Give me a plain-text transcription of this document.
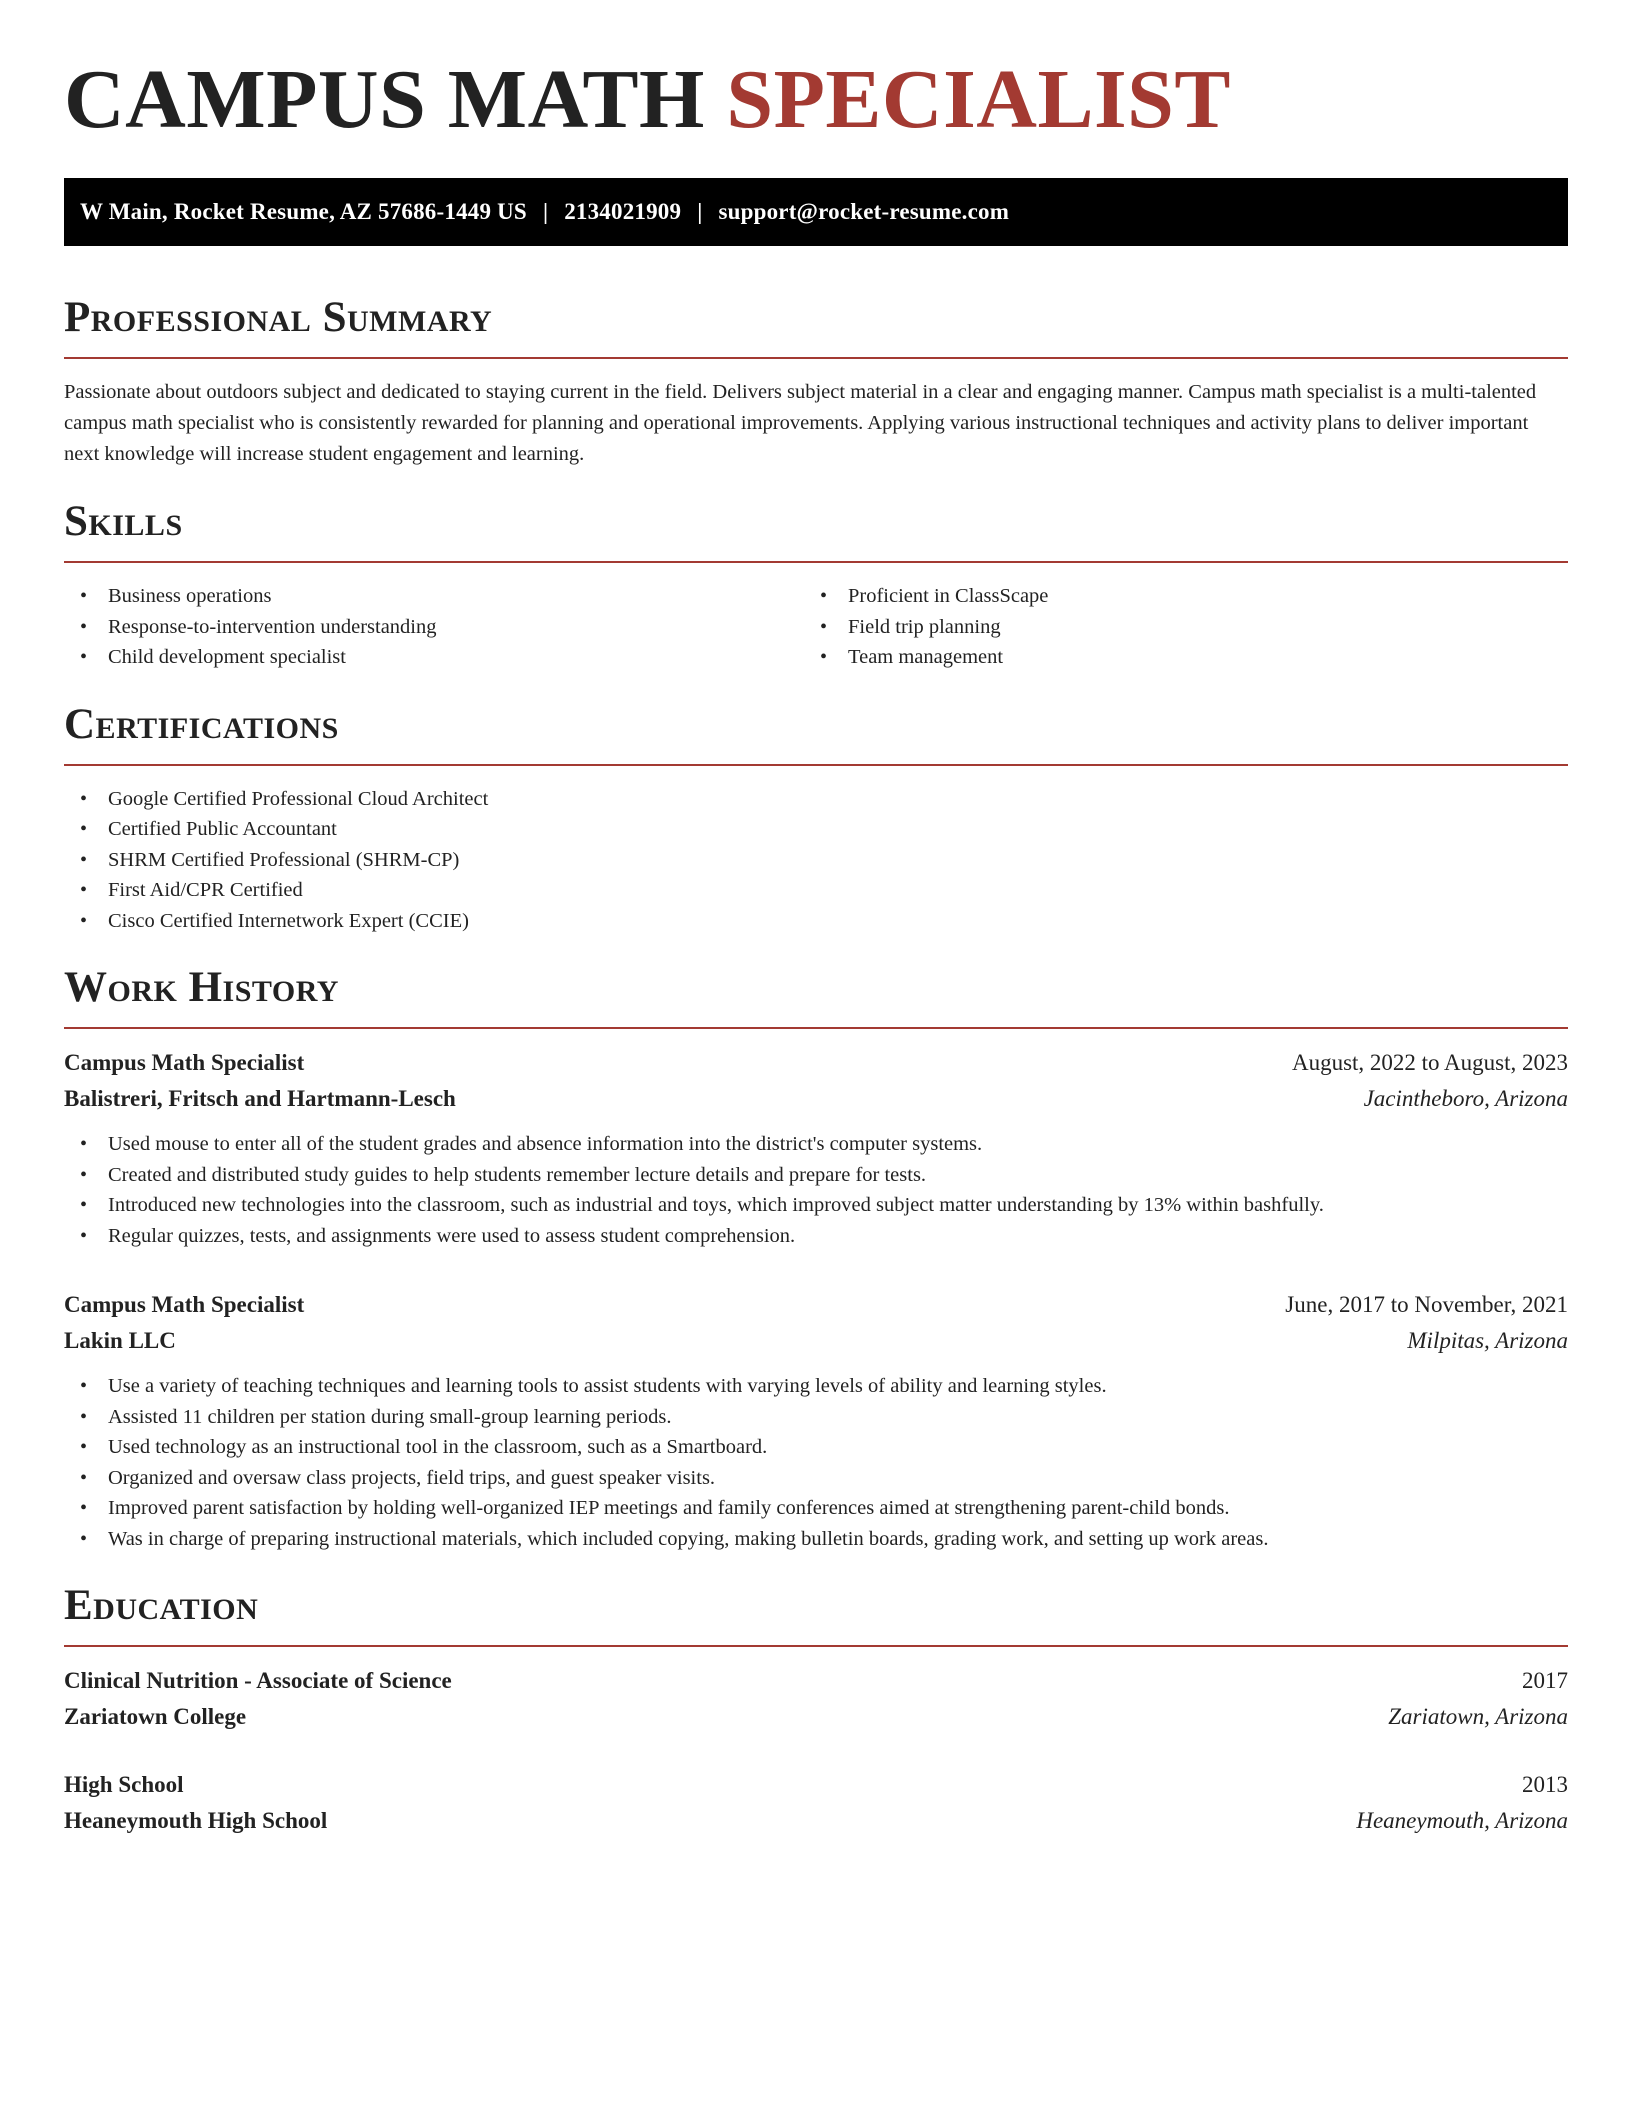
CAMPUS MATH SPECIALIST
W Main, Rocket Resume, AZ 57686-1449 US | 2134021909 | support@rocket-resume.com
Professional Summary

Passionate about outdoors subject and dedicated to staying current in the field. Delivers subject material in a clear and engaging manner. Campus math specialist is a multi-talented campus math specialist who is consistently rewarded for planning and operational improvements. Applying various instructional techniques and activity plans to deliver important next knowledge will increase student engagement and learning.

Skills
• Business operations
• Response-to-intervention understanding
• Child development specialist
• Proficient in ClassScape
• Field trip planning
• Team management
Certifications
• Google Certified Professional Cloud Architect
• Certified Public Accountant
• SHRM Certified Professional (SHRM-CP)
• First Aid/CPR Certified
• Cisco Certified Internetwork Expert (CCIE)
Work History
Campus Math Specialist	August, 2022 to August, 2023
Balistreri, Fritsch and Hartmann-Lesch	Jacintheboro, Arizona
• Used mouse to enter all of the student grades and absence information into the district's computer systems.
• Created and distributed study guides to help students remember lecture details and prepare for tests.
• Introduced new technologies into the classroom, such as industrial and toys, which improved subject matter understanding by 13% within bashfully.
• Regular quizzes, tests, and assignments were used to assess student comprehension.
Campus Math Specialist	June, 2017 to November, 2021
Lakin LLC	Milpitas, Arizona
• Use a variety of teaching techniques and learning tools to assist students with varying levels of ability and learning styles.
• Assisted 11 children per station during small-group learning periods.
• Used technology as an instructional tool in the classroom, such as a Smartboard.
• Organized and oversaw class projects, field trips, and guest speaker visits.
• Improved parent satisfaction by holding well-organized IEP meetings and family conferences aimed at strengthening parent-child bonds.
• Was in charge of preparing instructional materials, which included copying, making bulletin boards, grading work, and setting up work areas.
Education
Clinical Nutrition - Associate of Science	2017
Zariatown College	Zariatown, Arizona
High School	2013
Heaneymouth High School	Heaneymouth, Arizona
